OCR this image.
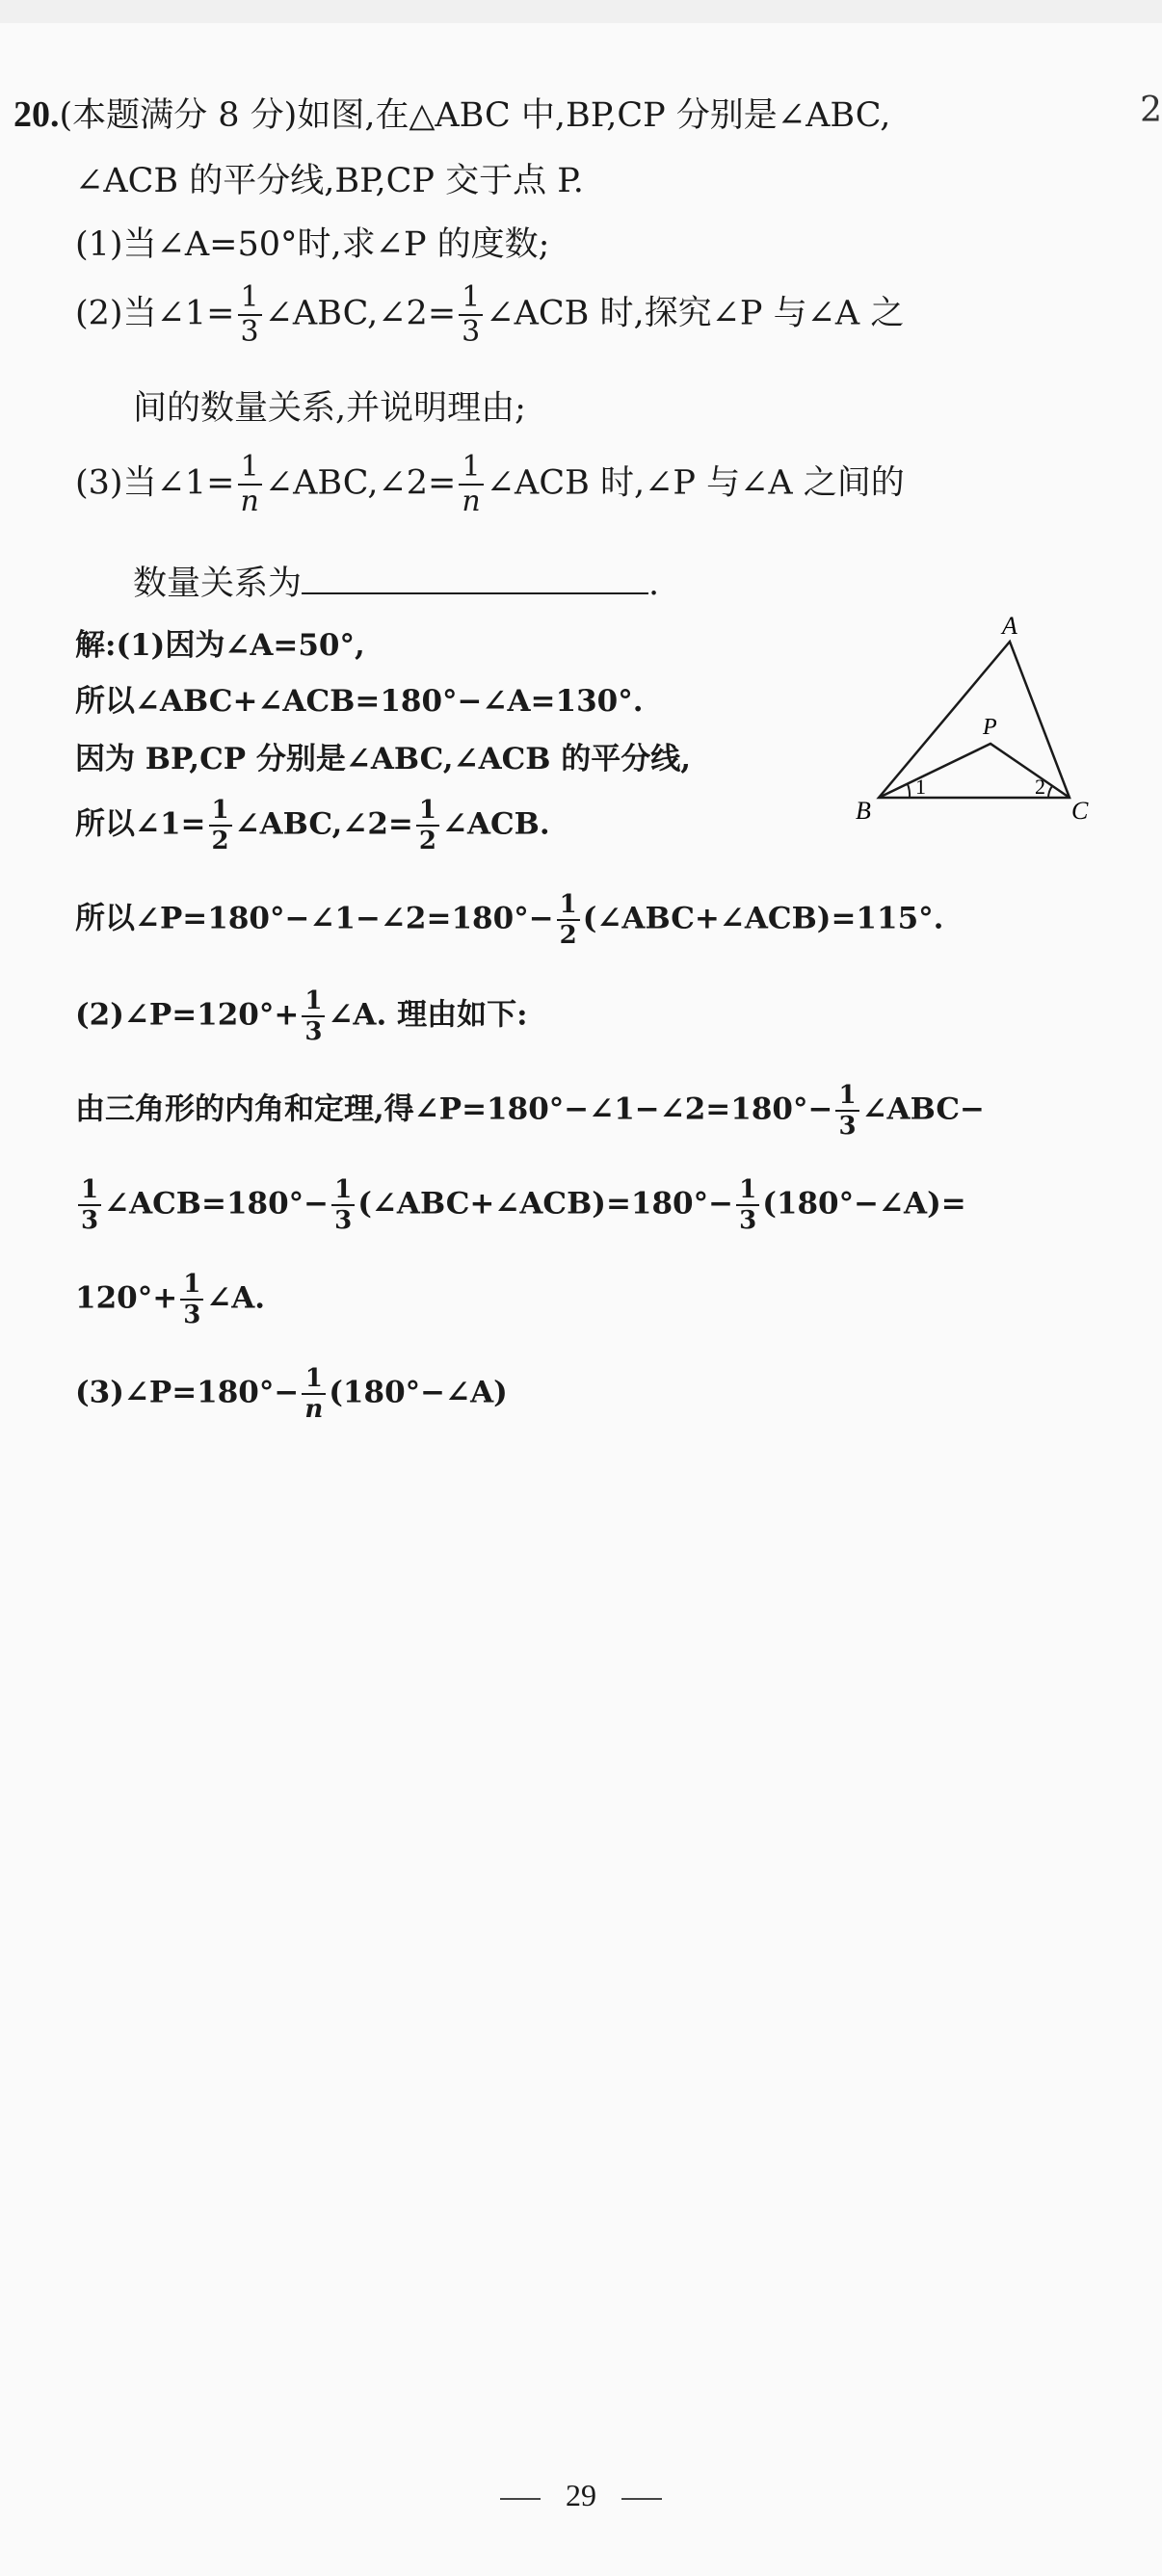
2
20.(本题满分 8 分)如图,在△ABC 中,BP,CP 分别是∠ABC,
∠ACB 的平分线,BP,CP 交于点 P.
(1)当∠A=50°时,求∠P 的度数;
(2)当∠1= $\frac{1}{3}$ ∠ABC,∠2= $\frac{1}{3}$ ∠ACB 时,探究∠P 与∠A 之
间的数量关系,并说明理由;
(3)当∠1= $\frac{1}{n}$ ∠ABC,∠2= $\frac{1}{n}$ ∠ACB 时,∠P 与∠A 之间的
数量关系为	.
解:(1)因为∠A=50°,
所以∠ABC+∠ACB=180°−∠A=130°.
因为 BP,CP 分别是∠ABC,∠ACB 的平分线,
所以∠1= $\frac{1}{2}$ ∠ABC,∠2= $\frac{1}{2}$ ∠ACB.
所以∠P=180°−∠1−∠2=180°− $\frac{1}{2}$ (∠ABC+∠ACB)=115°.
(2)∠P=120°+ $\frac{1}{3}$ ∠A. 理由如下:
由三角形的内角和定理,得∠P=180°−∠1−∠2=180°− $\frac{1}{3}$ ∠ABC−
$\frac{1}{3}$ ∠ACB=180°− $\frac{1}{3}$ (∠ABC+∠ACB)=180°− $\frac{1}{3}$ (180°−∠A)=
$120^\circ+ \frac{1}{3}$ ∠A.
(3)∠P=180°− $\frac{1}{n}$ (180°−∠A)
A
B	C
P
1	2
29
